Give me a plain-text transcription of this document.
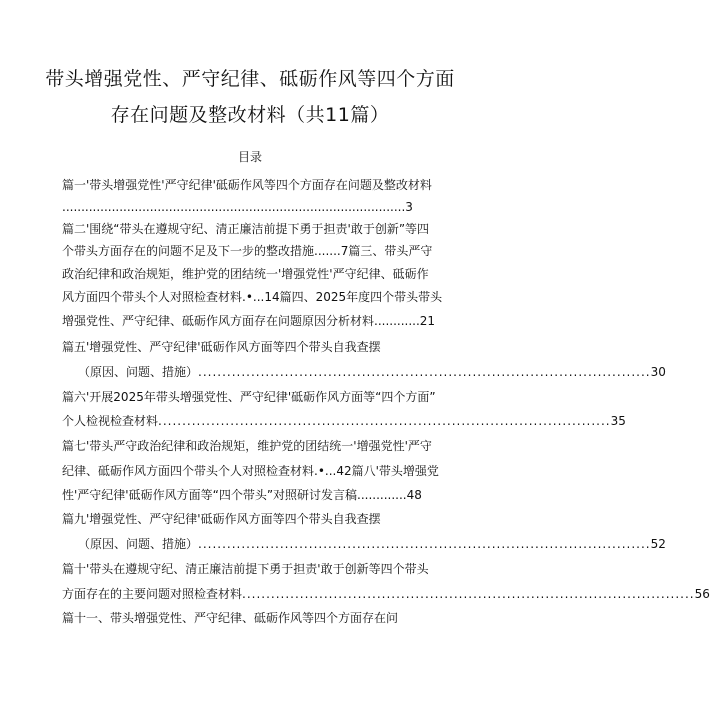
带头增强党性、严守纪律、砥砺作风等四个方面
存在问题及整改材料（共11篇）
目录
篇一'带头增强党性'严守纪律'砥砺作风等四个方面存在问题及整改材料
..........................................................................................3
篇二'围绕“带头在遵规守纪、清正廉洁前提下勇于担责'敢于创新”等四
个带头方面存在的问题不足及下一步的整改措施.......7篇三、带头严守
政治纪律和政治规矩，维护党的团结统一'增强党性'严守纪律、砥砺作
风方面四个带头个人对照检查材料.•...14篇四、2025年度四个带头带头
增强党性、严守纪律、砥砺作风方面存在问题原因分析材料............21
篇五'增强党性、严守纪律'砥砺作风方面等四个带头自我查摆
（原因、问题、措施） .............................................................................................. 30
篇六'开展2025年带头增强党性、严守纪律'砥砺作风方面等“四个方面”
个人检视检查材料 .............................................................................................. 35
篇七'带头严守政治纪律和政治规矩，维护党的团结统一'增强党性'严守
纪律、砥砺作风方面四个带头个人对照检查材料.•...42篇八'带头增强党
性'严守纪律'砥砺作风方面等“四个带头”对照研讨发言稿.............48
篇九'增强党性、严守纪律'砥砺作风方面等四个带头自我查摆
（原因、问题、措施） .............................................................................................. 52
篇十'带头在遵规守纪、清正廉洁前提下勇于担责'敢于创新等四个带头
方面存在的主要问题对照检查材料 .............................................................................................. 56
篇十一、带头增强党性、严守纪律、砥砺作风等四个方面存在问
